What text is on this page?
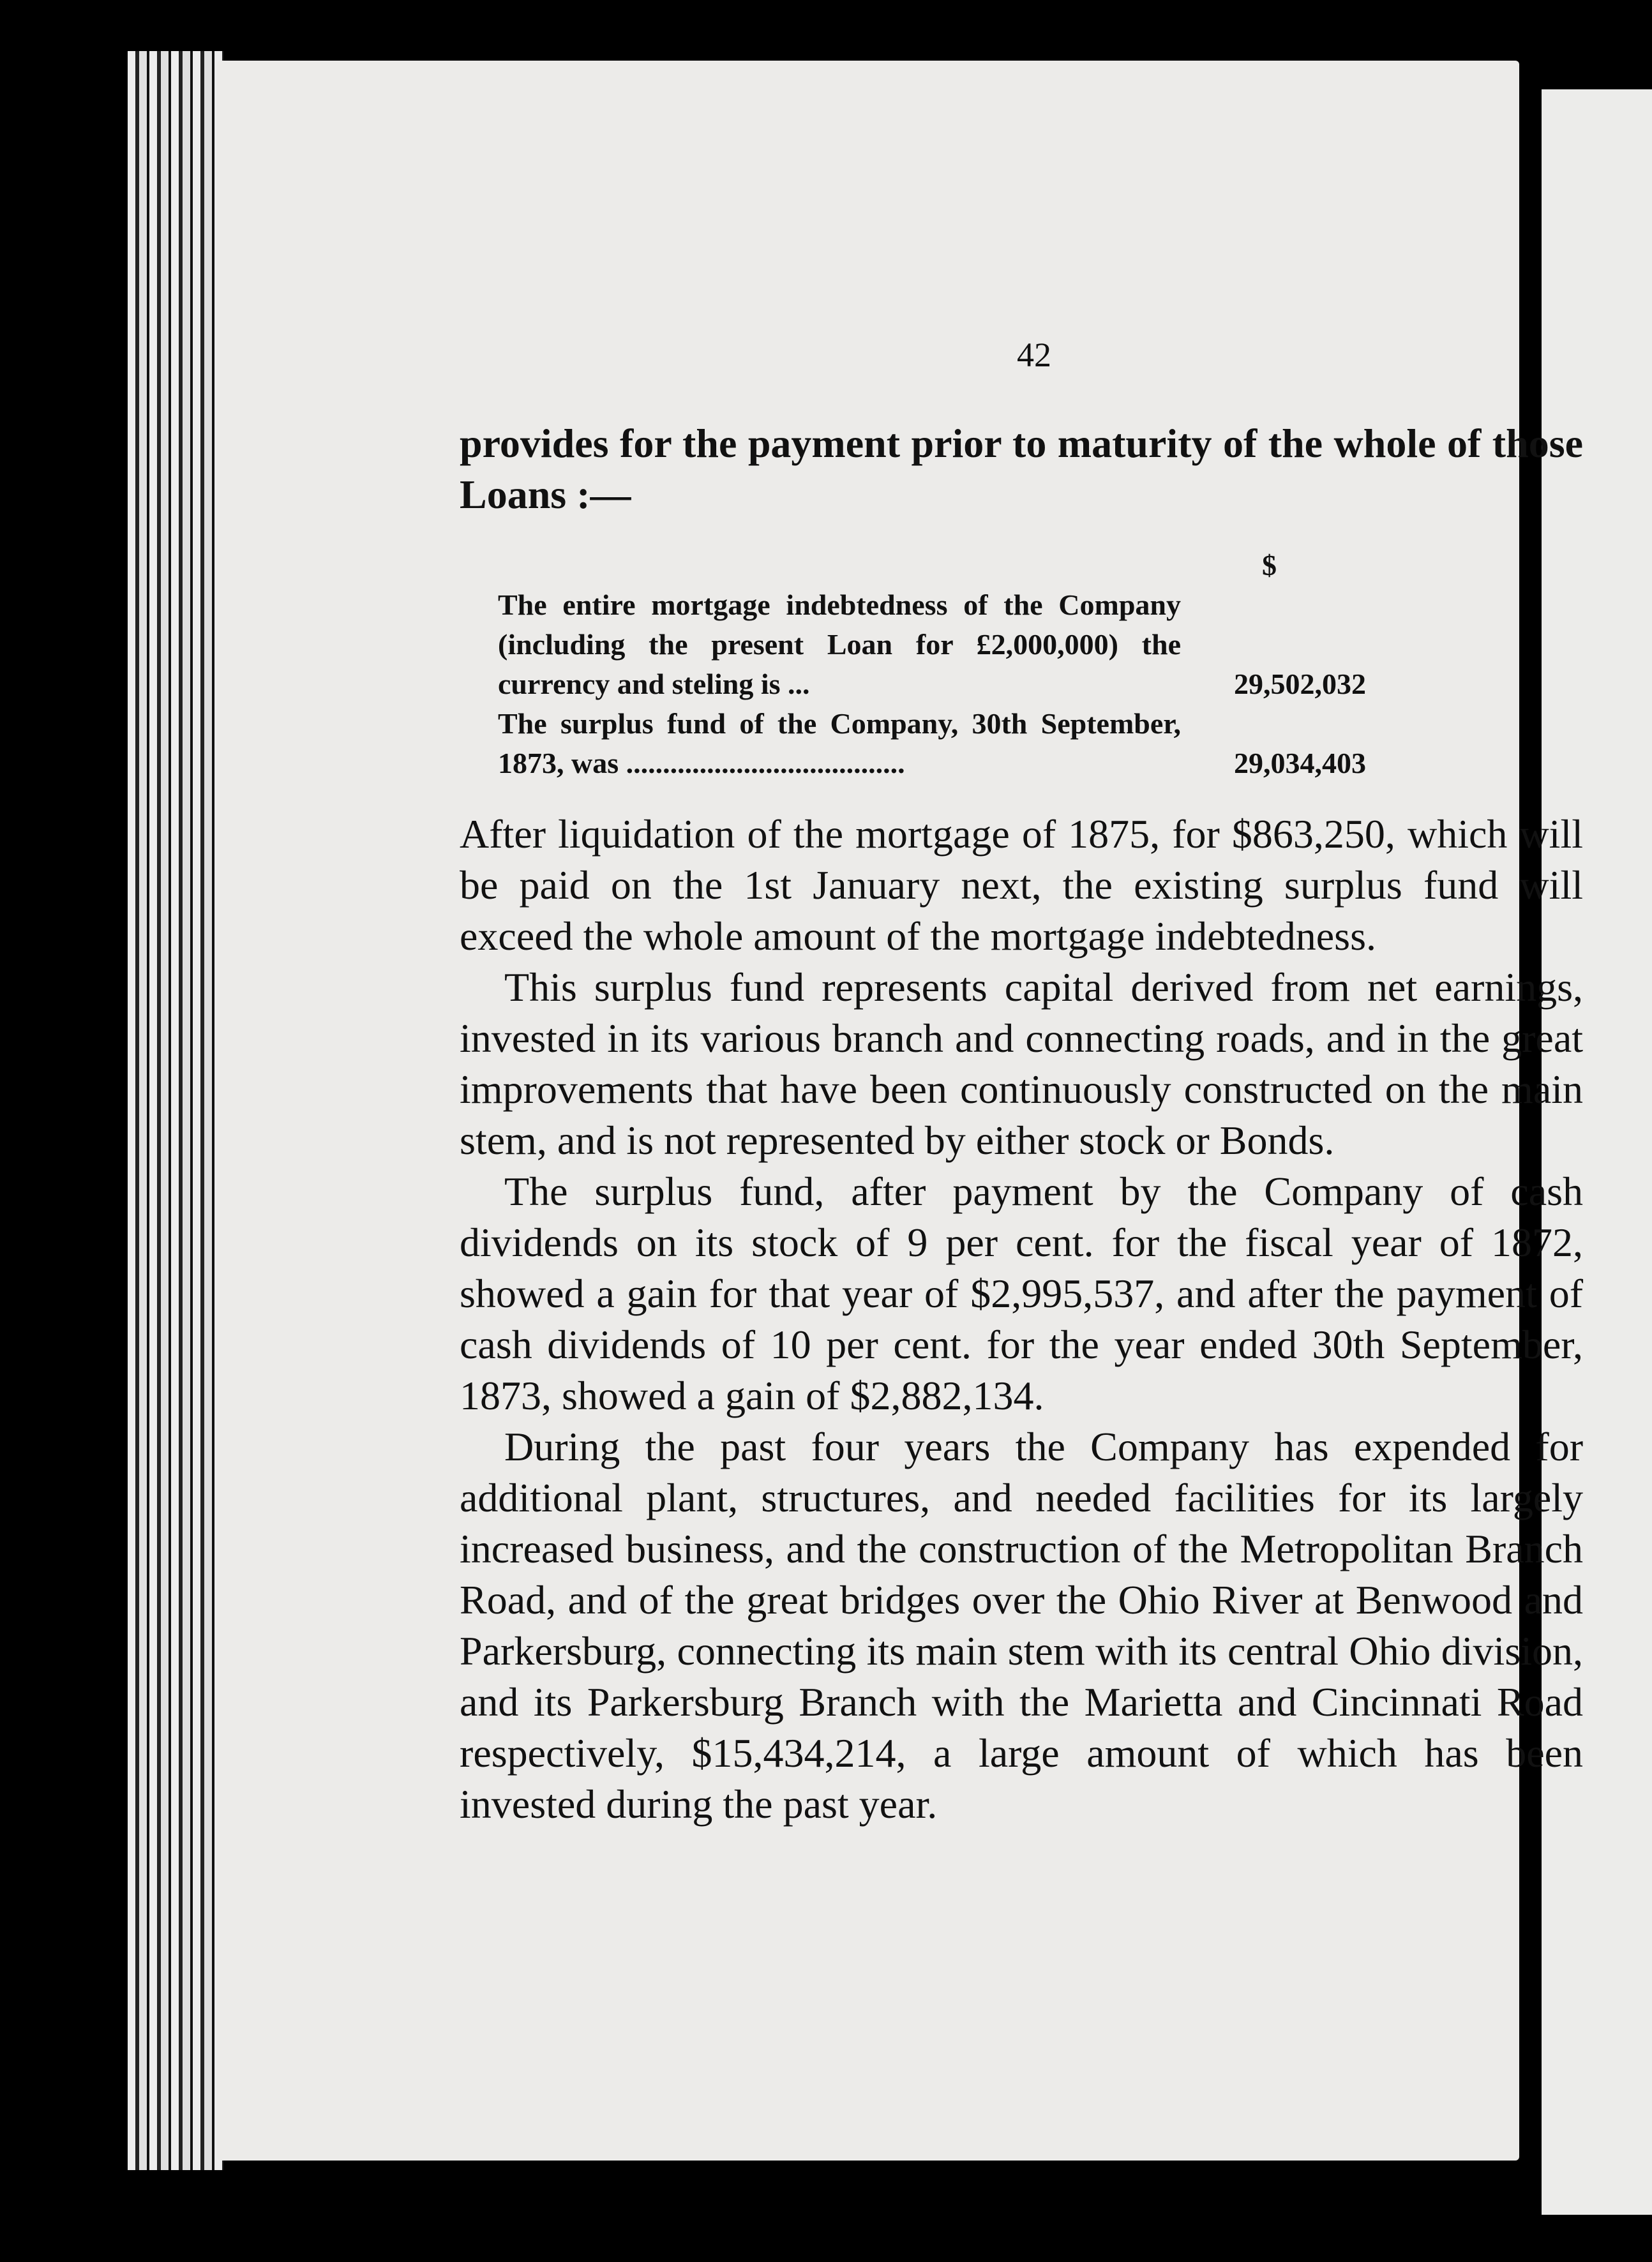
42

provides for the payment prior to maturity of the whole of those Loans :—

$
The entire mortgage indebtedness of the Company (including the present Loan for £2,000,000) the currency and steling is ...	29,502,032
The surplus fund of the Company, 30th September, 1873, was ......................................	29,034,403

After liquidation of the mortgage of 1875, for $863,250, which will be paid on the 1st January next, the existing surplus fund will exceed the whole amount of the mortgage indebtedness.

This surplus fund represents capital derived from net earnings, invested in its various branch and connecting roads, and in the great improvements that have been continuously constructed on the main stem, and is not represented by either stock or Bonds.

The surplus fund, after payment by the Company of cash dividends on its stock of 9 per cent. for the fiscal year of 1872, showed a gain for that year of $2,995,537, and after the payment of cash dividends of 10 per cent. for the year ended 30th September, 1873, showed a gain of $2,882,134.

During the past four years the Company has expended for additional plant, structures, and needed facilities for its largely increased business, and the construction of the Metropolitan Branch Road, and of the great bridges over the Ohio River at Benwood and Parkersburg, connecting its main stem with its central Ohio division, and its Parkersburg Branch with the Marietta and Cincinnati Road respectively, $15,434,214, a large amount of which has been invested during the past year.
